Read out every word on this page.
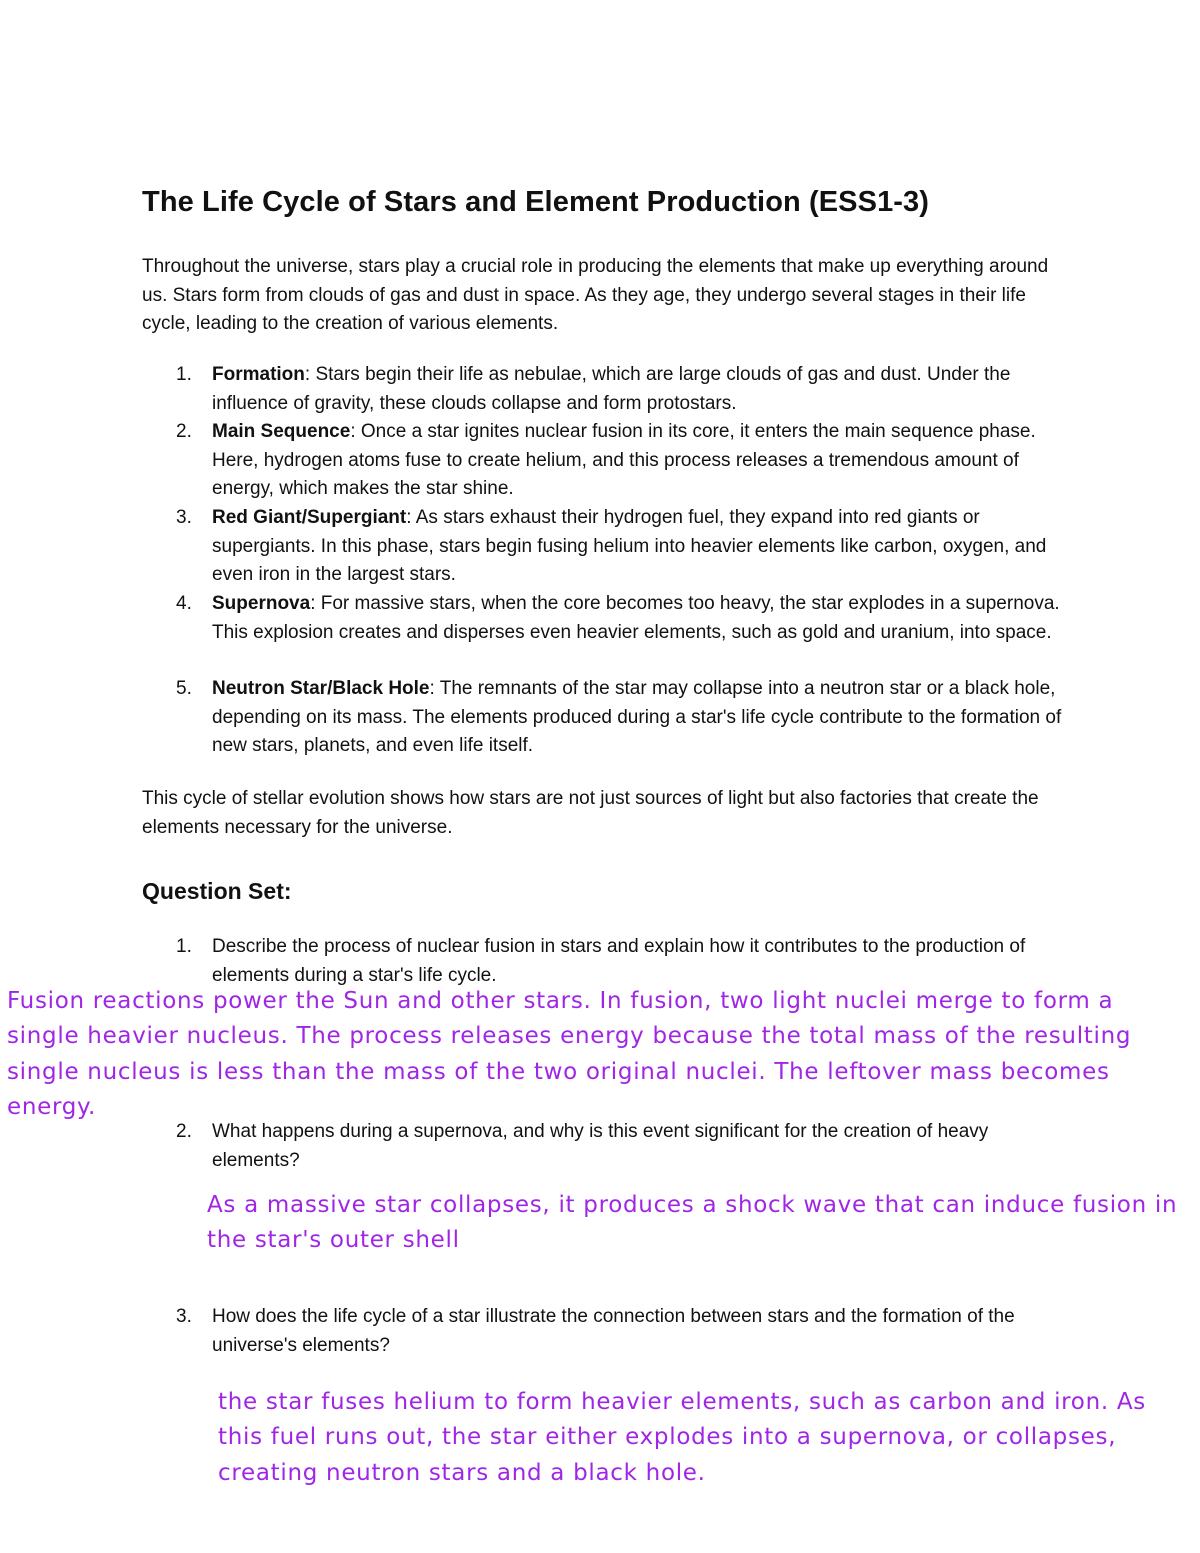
The Life Cycle of Stars and Element Production (ESS1-3)

Throughout the universe, stars play a crucial role in producing the elements that make up everything around us. Stars form from clouds of gas and dust in space. As they age, they undergo several stages in their life cycle, leading to the creation of various elements.

1.	Formation: Stars begin their life as nebulae, which are large clouds of gas and dust. Under the influence of gravity, these clouds collapse and form protostars.
2.	Main Sequence: Once a star ignites nuclear fusion in its core, it enters the main sequence phase. Here, hydrogen atoms fuse to create helium, and this process releases a tremendous amount of energy, which makes the star shine.
3.	Red Giant/Supergiant: As stars exhaust their hydrogen fuel, they expand into red giants or supergiants. In this phase, stars begin fusing helium into heavier elements like carbon, oxygen, and even iron in the largest stars.
4.	Supernova: For massive stars, when the core becomes too heavy, the star explodes in a supernova. This explosion creates and disperses even heavier elements, such as gold and uranium, into space.
5.	Neutron Star/Black Hole: The remnants of the star may collapse into a neutron star or a black hole, depending on its mass. The elements produced during a star's life cycle contribute to the formation of new stars, planets, and even life itself.

This cycle of stellar evolution shows how stars are not just sources of light but also factories that create the elements necessary for the universe.

Question Set:
1.	Describe the process of nuclear fusion in stars and explain how it contributes to the production of elements during a star's life cycle.

Fusion reactions power the Sun and other stars. In fusion, two light nuclei merge to form a single heavier nucleus. The process releases energy because the total mass of the resulting single nucleus is less than the mass of the two original nuclei. The leftover mass becomes energy.

2.	What happens during a supernova, and why is this event significant for the creation of heavy elements?

As a massive star collapses, it produces a shock wave that can induce fusion in the star's outer shell

3.	How does the life cycle of a star illustrate the connection between stars and the formation of the universe's elements?

the star fuses helium to form heavier elements, such as carbon and iron. As this fuel runs out, the star either explodes into a supernova, or collapses, creating neutron stars and a black hole.
